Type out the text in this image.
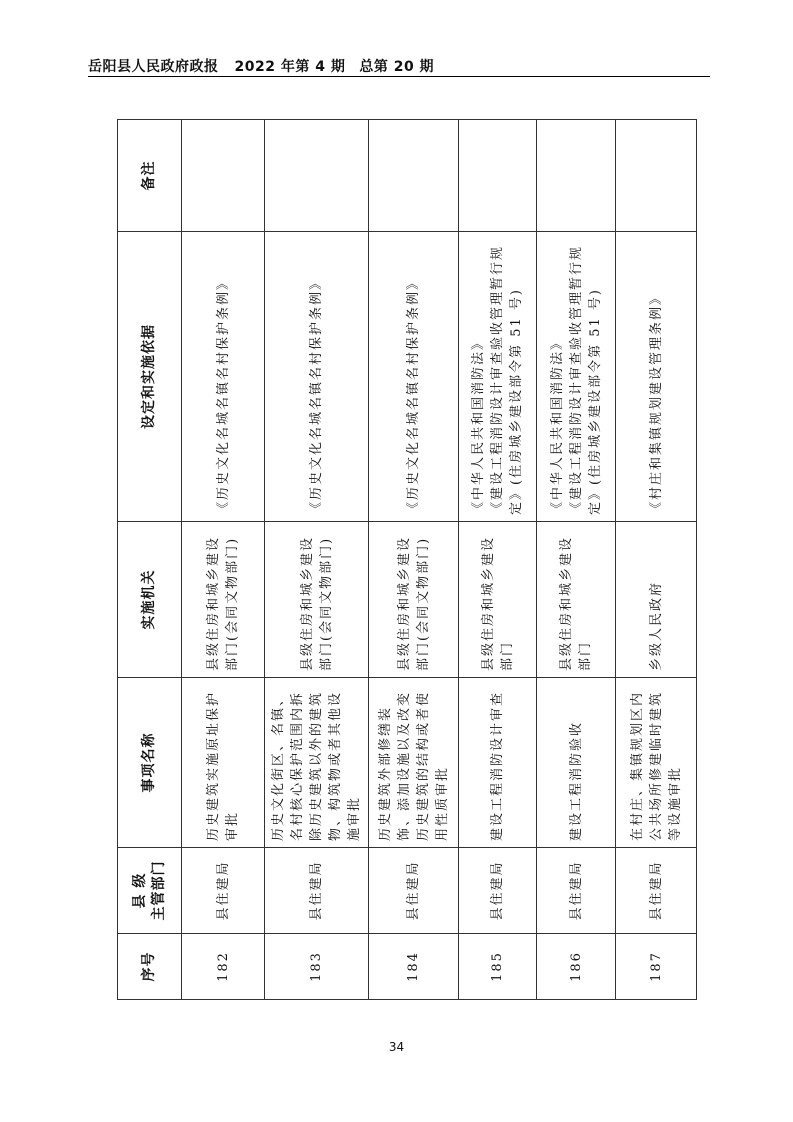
岳阳县人民政府政报 2022 年第 4 期 总第 20 期
序号	县 级 主管部门	事项名称	实施机关	设定和实施依据	备注
182	县住建局	历史建筑实施原址保护审批	县级住房和城乡建设部门(会同文物部门)	《历史文化名城名镇名村保护条例》	

183	县住建局	历史文化街区、名镇、名村核心保护范围内拆除历史建筑以外的建筑物、构筑物或者其他设施审批	县级住房和城乡建设部门(会同文物部门)	《历史文化名城名镇名村保护条例》	

184	县住建局	历史建筑外部修缮装饰、添加设施以及改变历史建筑的结构或者使用性质审批	县级住房和城乡建设部门(会同文物部门)	《历史文化名城名镇名村保护条例》	

185	县住建局	建设工程消防设计审查	县级住房和城乡建设部门	《中华人民共和国消防法》 《建设工程消防设计审查验收管理暂行规定》(住房城乡建设部令第 51 号)	

186	县住建局	建设工程消防验收	县级住房和城乡建设部门	《中华人民共和国消防法》 《建设工程消防设计审查验收管理暂行规定》(住房城乡建设部令第 51 号)	

187	县住建局	在村庄、集镇规划区内公共场所修建临时建筑等设施审批	乡级人民政府	《村庄和集镇规划建设管理条例》	

34
